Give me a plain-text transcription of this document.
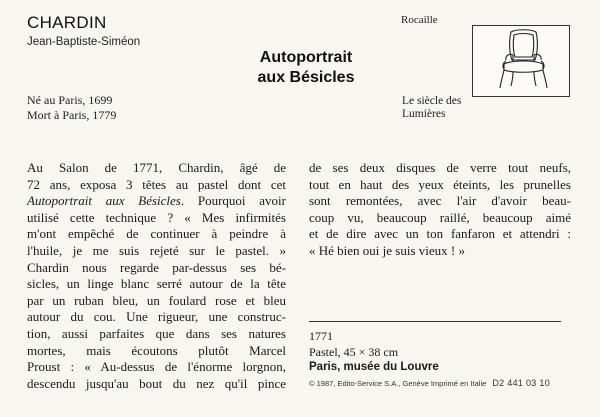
CHARDIN
Jean-Baptiste-Siméon
Autoportrait
aux Bésicles
Né au Paris, 1699
Mort à Paris, 1779
Rocaille
Le siècle des
Lumières
Au Salon de 1771, Chardin, âgé de
72 ans, exposa 3 têtes au pastel dont cet
Autoportrait aux Bésicles. Pourquoi avoir
utilisé cette technique ? « Mes infirmités
m'ont empêché de continuer à peindre à
l'huile, je me suis rejeté sur le pastel. »
Chardin nous regarde par-dessus ses bé-
sicles, un linge blanc serré autour de la tête
par un ruban bleu, un foulard rose et bleu
autour du cou. Une rigueur, une construc-
tion, aussi parfaites que dans ses natures
mortes, mais écoutons plutôt Marcel
Proust : « Au-dessus de l'énorme lorgnon,
descendu jusqu'au bout du nez qu'il pince
de ses deux disques de verre tout neufs,
tout en haut des yeux éteints, les prunelles
sont remontées, avec l'air d'avoir beau-
coup vu, beaucoup raillé, beaucoup aimé
et de dire avec un ton fanfaron et attendri :
« Hé bien oui je suis vieux ! »
1771
Pastel, 45 × 38 cm
Paris, musée du Louvre
© 1987, Edito-Service S.A., Genève Imprimé en Italie D2 441 03 10
